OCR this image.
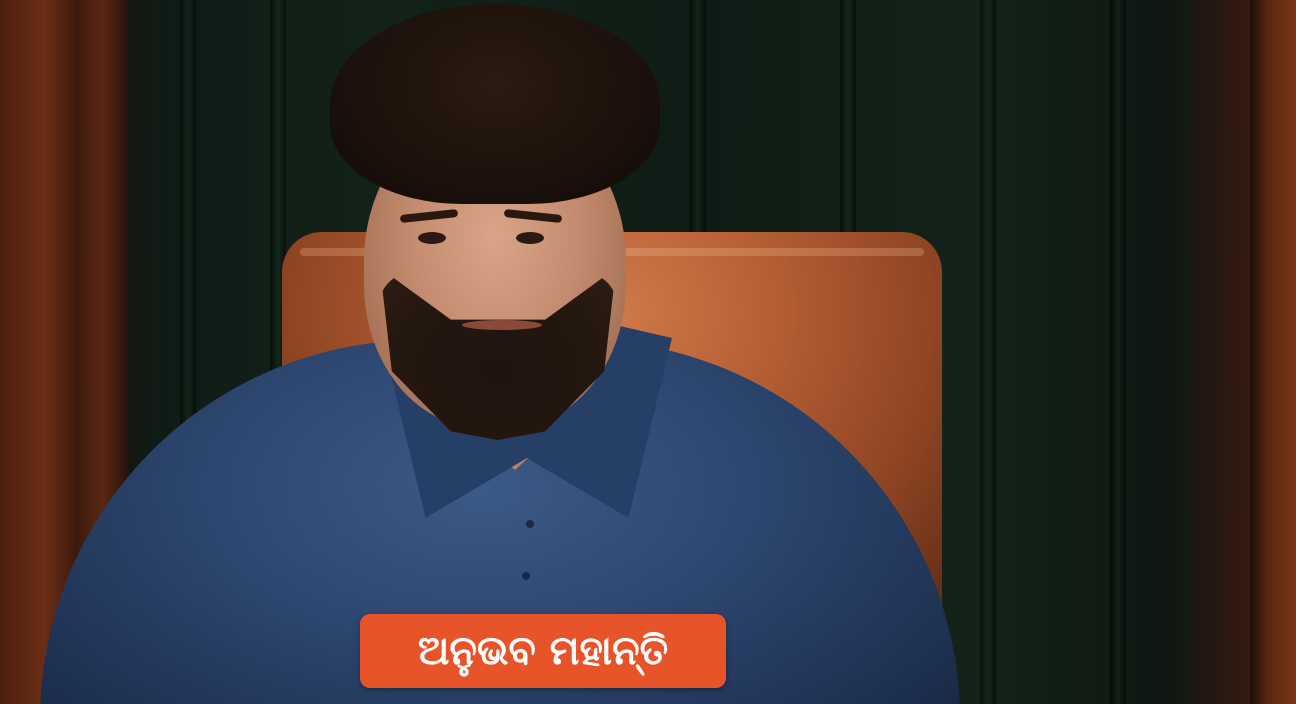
ଅନୁଭବ ମହାନ୍ତି
